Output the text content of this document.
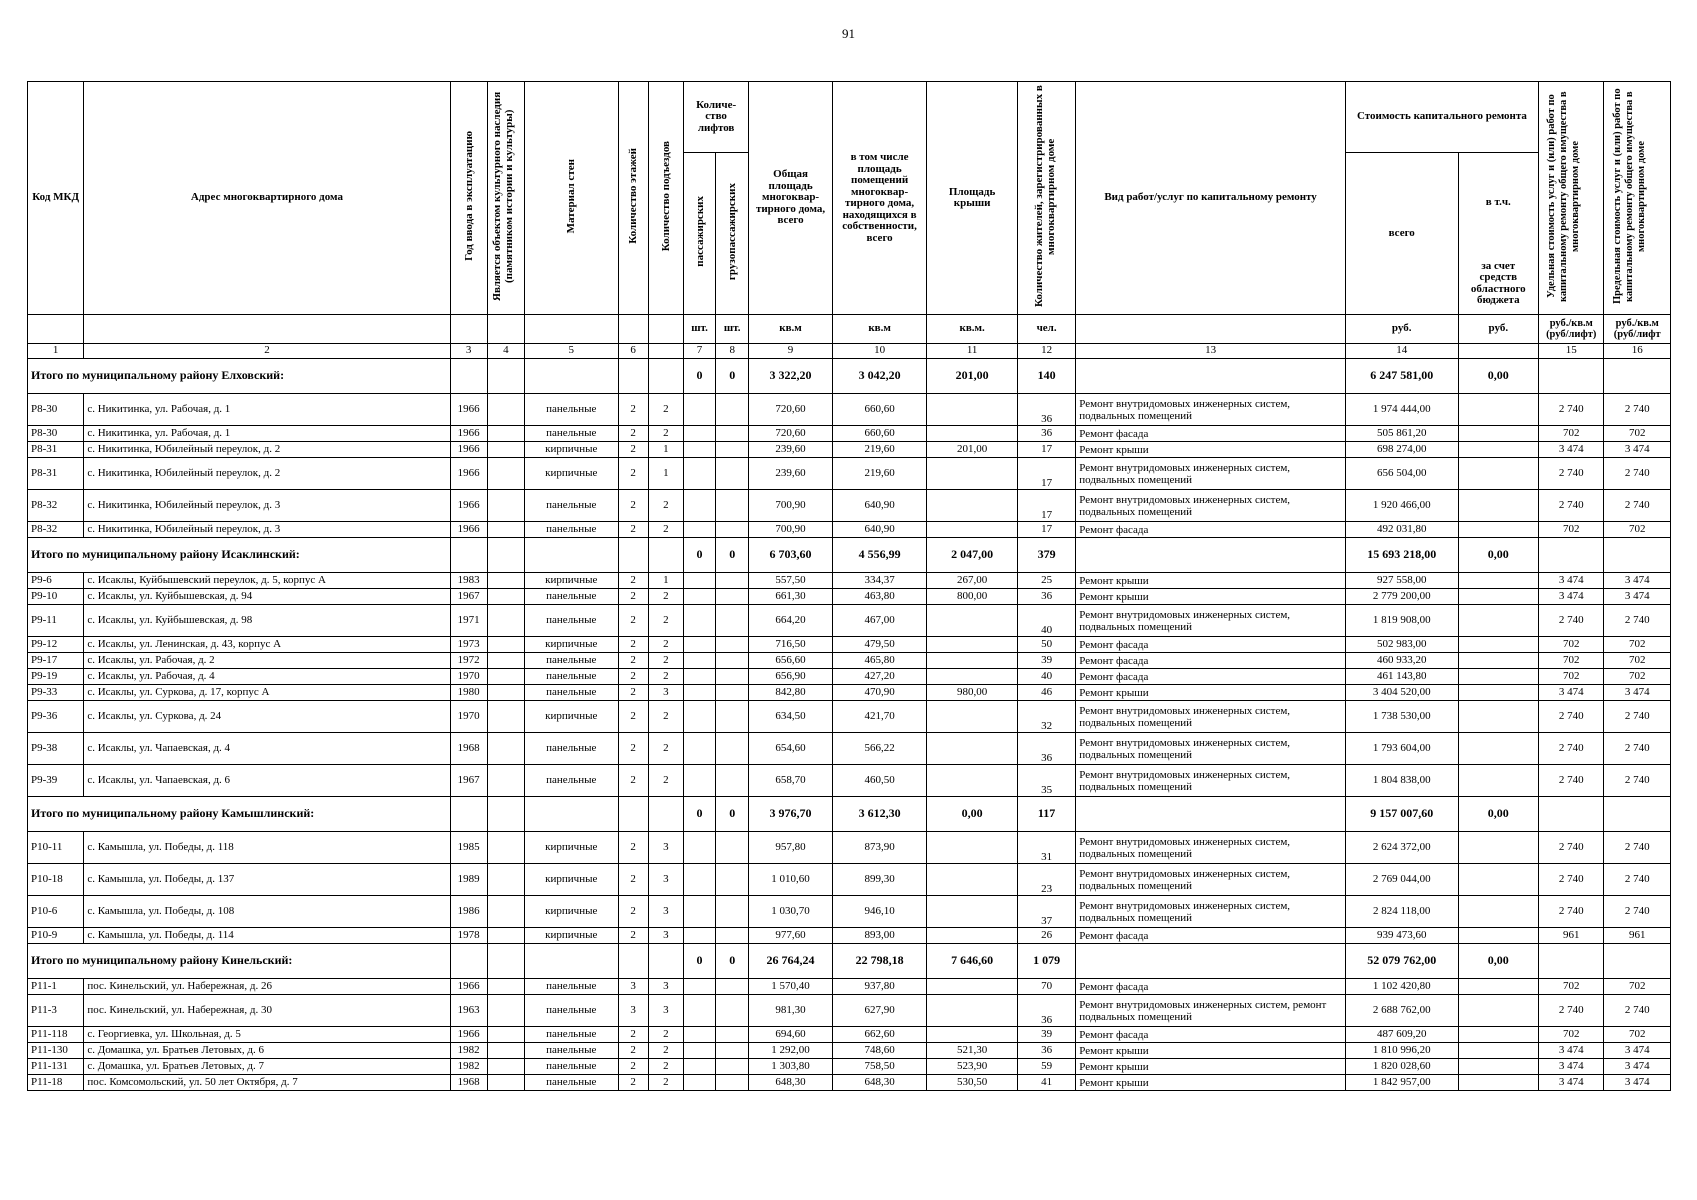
91
Код МКД	Адрес многоквартирного дома	Год ввода в эксплуатацию	Является объектом культурного наследия (памятником истории и культуры)	Материал стен	Количество этажей	Количество подъездов	Количе-ство лифтов		Общая площадь многоквар-тирного дома, всего	в том числе площадь помещений многоквар-тирного дома, находящихся в собственности, всего	Площадь крыши	Количество жителей, зарегистрированных в многоквартирном доме	Вид работ/услуг по капитальному ремонту	Стоимость капитального ремонта		Удельная стоимость услуг и (или) работ по капитальному ремонту общего имущества в многоквартирном доме	Предельная стоимость услуг и (или) работ по капитальному ремонту общего имущества в многоквартирном доме
							пассажирских	грузопассажирских						всего	в т.ч.		
															за счет средств областного бюджета		
							шт.	шт.	кв.м	кв.м	кв.м.	чел.		руб.	руб.	руб./кв.м (руб/лифт)	руб./кв.м (руб/лифт
1	2	3	4	5	6		7	8	9	10	11	12	13	14		15	16
Итого по муниципальному району Елховский:							0	0	3 322,20	3 042,20	201,00	140		6 247 581,00	0,00		
Р8-30	с. Никитинка, ул. Рабочая, д. 1	1966		панельные	2	2			720,60	660,60		36	Ремонт внутридомовых инженерных систем, подвальных помещений	1 974 444,00		2 740	2 740
Р8-30	с. Никитинка, ул. Рабочая, д. 1	1966		панельные	2	2			720,60	660,60		36	Ремонт фасада	505 861,20		702	702
Р8-31	с. Никитинка, Юбилейный переулок, д. 2	1966		кирпичные	2	1			239,60	219,60	201,00	17	Ремонт крыши	698 274,00		3 474	3 474
Р8-31	с. Никитинка, Юбилейный переулок, д. 2	1966		кирпичные	2	1			239,60	219,60		17	Ремонт внутридомовых инженерных систем, подвальных помещений	656 504,00		2 740	2 740
Р8-32	с. Никитинка, Юбилейный переулок, д. 3	1966		панельные	2	2			700,90	640,90		17	Ремонт внутридомовых инженерных систем, подвальных помещений	1 920 466,00		2 740	2 740
Р8-32	с. Никитинка, Юбилейный переулок, д. 3	1966		панельные	2	2			700,90	640,90		17	Ремонт фасада	492 031,80		702	702
Итого по муниципальному району Исаклинский:							0	0	6 703,60	4 556,99	2 047,00	379		15 693 218,00	0,00		
Р9-6	с. Исаклы, Куйбышевский переулок, д. 5, корпус А	1983		кирпичные	2	1			557,50	334,37	267,00	25	Ремонт крыши	927 558,00		3 474	3 474
Р9-10	с. Исаклы, ул. Куйбышевская, д. 94	1967		панельные	2	2			661,30	463,80	800,00	36	Ремонт крыши	2 779 200,00		3 474	3 474
Р9-11	с. Исаклы, ул. Куйбышевская, д. 98	1971		панельные	2	2			664,20	467,00		40	Ремонт внутридомовых инженерных систем, подвальных помещений	1 819 908,00		2 740	2 740
Р9-12	с. Исаклы, ул. Ленинская, д. 43, корпус А	1973		кирпичные	2	2			716,50	479,50		50	Ремонт фасада	502 983,00		702	702
Р9-17	с. Исаклы, ул. Рабочая, д. 2	1972		панельные	2	2			656,60	465,80		39	Ремонт фасада	460 933,20		702	702
Р9-19	с. Исаклы, ул. Рабочая, д. 4	1970		панельные	2	2			656,90	427,20		40	Ремонт фасада	461 143,80		702	702
Р9-33	с. Исаклы, ул. Суркова, д. 17, корпус А	1980		панельные	2	3			842,80	470,90	980,00	46	Ремонт крыши	3 404 520,00		3 474	3 474
Р9-36	с. Исаклы, ул. Суркова, д. 24	1970		кирпичные	2	2			634,50	421,70		32	Ремонт внутридомовых инженерных систем, подвальных помещений	1 738 530,00		2 740	2 740
Р9-38	с. Исаклы, ул. Чапаевская, д. 4	1968		панельные	2	2			654,60	566,22		36	Ремонт внутридомовых инженерных систем, подвальных помещений	1 793 604,00		2 740	2 740
Р9-39	с. Исаклы, ул. Чапаевская, д. 6	1967		панельные	2	2			658,70	460,50		35	Ремонт внутридомовых инженерных систем, подвальных помещений	1 804 838,00		2 740	2 740
Итого по муниципальному району Камышлинский:							0	0	3 976,70	3 612,30	0,00	117		9 157 007,60	0,00		
Р10-11	с. Камышла, ул. Победы, д. 118	1985		кирпичные	2	3			957,80	873,90		31	Ремонт внутридомовых инженерных систем, подвальных помещений	2 624 372,00		2 740	2 740
Р10-18	с. Камышла, ул. Победы, д. 137	1989		кирпичные	2	3			1 010,60	899,30		23	Ремонт внутридомовых инженерных систем, подвальных помещений	2 769 044,00		2 740	2 740
Р10-6	с. Камышла, ул. Победы, д. 108	1986		кирпичные	2	3			1 030,70	946,10		37	Ремонт внутридомовых инженерных систем, подвальных помещений	2 824 118,00		2 740	2 740
Р10-9	с. Камышла, ул. Победы, д. 114	1978		кирпичные	2	3			977,60	893,00		26	Ремонт фасада	939 473,60		961	961
Итого по муниципальному району Кинельский:							0	0	26 764,24	22 798,18	7 646,60	1 079		52 079 762,00	0,00		
Р11-1	пос. Кинельский, ул. Набережная, д. 26	1966		панельные	3	3			1 570,40	937,80		70	Ремонт фасада	1 102 420,80		702	702
Р11-3	пос. Кинельский, ул. Набережная, д. 30	1963		панельные	3	3			981,30	627,90		36	Ремонт внутридомовых инженерных систем, ремонт подвальных помещений	2 688 762,00		2 740	2 740
Р11-118	с. Георгиевка, ул. Школьная, д. 5	1966		панельные	2	2			694,60	662,60		39	Ремонт фасада	487 609,20		702	702
Р11-130	с. Домашка, ул. Братьев Летовых, д. 6	1982		панельные	2	2			1 292,00	748,60	521,30	36	Ремонт крыши	1 810 996,20		3 474	3 474
Р11-131	с. Домашка, ул. Братьев Летовых, д. 7	1982		панельные	2	2			1 303,80	758,50	523,90	59	Ремонт крыши	1 820 028,60		3 474	3 474
Р11-18	пос. Комсомольский, ул. 50 лет Октября, д. 7	1968		панельные	2	2			648,30	648,30	530,50	41	Ремонт крыши	1 842 957,00		3 474	3 474
